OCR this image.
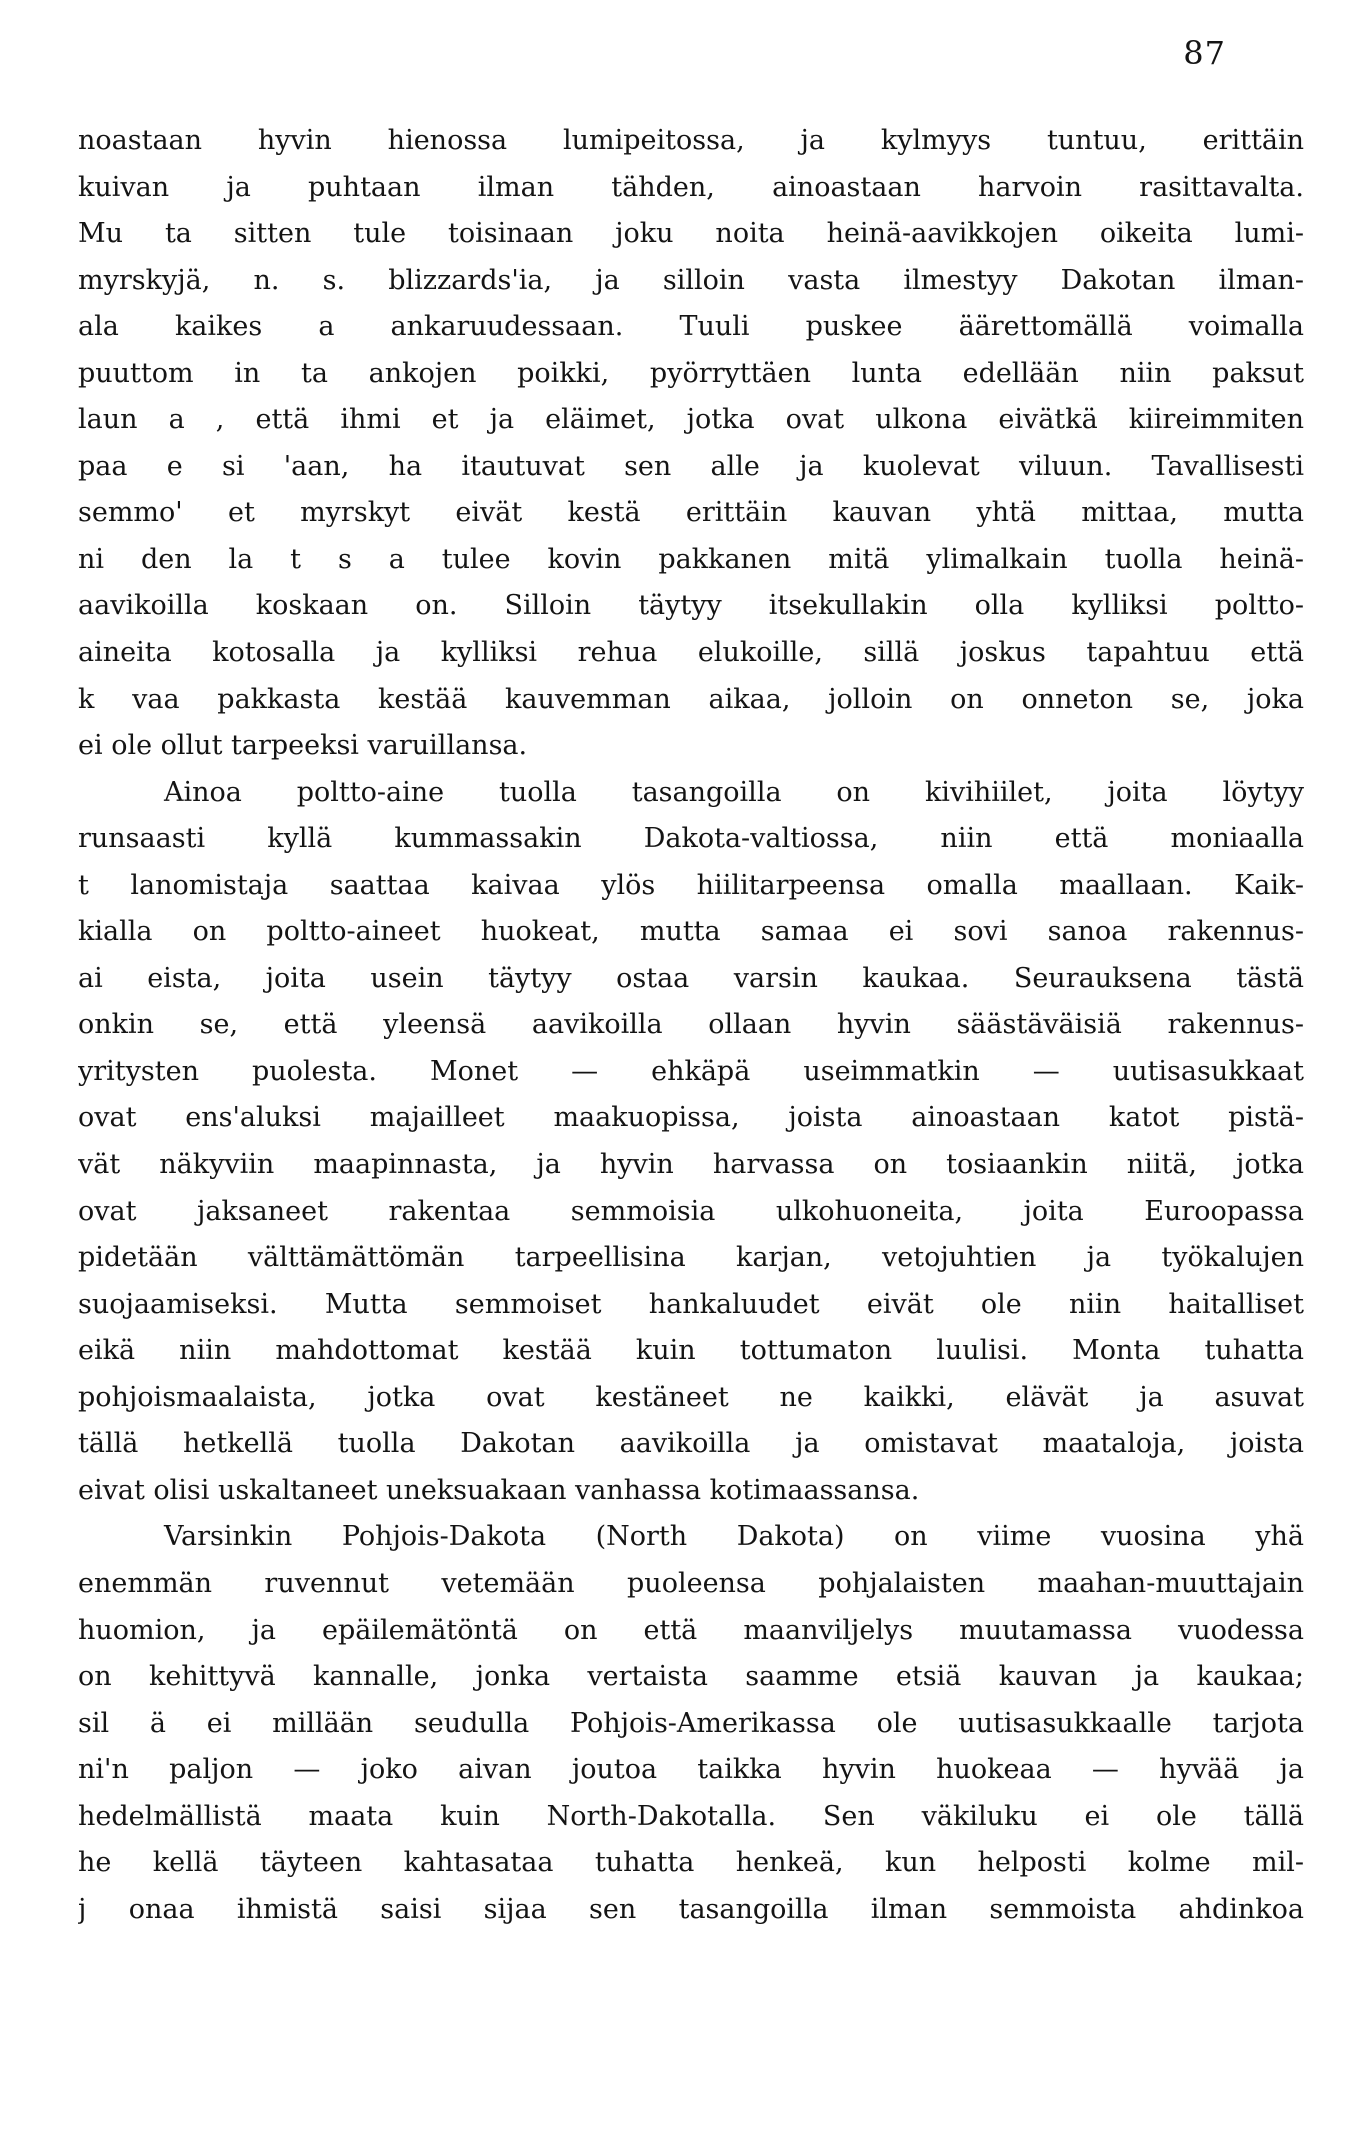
87
noastaan hyvin hienossa lumipeitossa, ja kylmyys tuntuu, erittäin
kuivan ja puhtaan ilman tähden, ainoastaan harvoin rasittavalta.
Mu ta sitten tule toisinaan joku noita heinä-aavikkojen oikeita lumi-
myrskyjä, n. s. blizzards'ia, ja silloin vasta ilmestyy Dakotan ilman-
ala kaikes a ankaruudessaan. Tuuli puskee äärettomällä voimalla
puuttom in ta ankojen poikki, pyörryttäen lunta edellään niin paksut
laun a , että ihmi et ja eläimet, jotka ovat ulkona eivätkä kiireimmiten
paa e si 'aan, ha itautuvat sen alle ja kuolevat viluun. Tavallisesti
semmo' et myrskyt eivät kestä erittäin kauvan yhtä mittaa, mutta
ni den la t s a tulee kovin pakkanen mitä ylimalkain tuolla heinä-
aavikoilla koskaan on. Silloin täytyy itsekullakin olla kylliksi poltto-
aineita kotosalla ja kylliksi rehua elukoille, sillä joskus tapahtuu että
k vaa pakkasta kestää kauvemman aikaa, jolloin on onneton se, joka
ei ole ollut tarpeeksi varuillansa.
Ainoa poltto-aine tuolla tasangoilla on kivihiilet, joita löytyy
runsaasti kyllä kummassakin Dakota-valtiossa, niin että moniaalla
t lanomistaja saattaa kaivaa ylös hiilitarpeensa omalla maallaan. Kaik-
kialla on poltto-aineet huokeat, mutta samaa ei sovi sanoa rakennus-
ai eista, joita usein täytyy ostaa varsin kaukaa. Seurauksena tästä
onkin se, että yleensä aavikoilla ollaan hyvin säästäväisiä rakennus-
yritysten puolesta. Monet — ehkäpä useimmatkin — uutisasukkaat
ovat ens'aluksi majailleet maakuopissa, joista ainoastaan katot pistä-
vät näkyviin maapinnasta, ja hyvin harvassa on tosiaankin niitä, jotka
ovat jaksaneet rakentaa semmoisia ulkohuoneita, joita Euroopassa
pidetään välttämättömän tarpeellisina karjan, vetojuhtien ja työkalujen
suojaamiseksi. Mutta semmoiset hankaluudet eivät ole niin haitalliset
eikä niin mahdottomat kestää kuin tottumaton luulisi. Monta tuhatta
pohjoismaalaista, jotka ovat kestäneet ne kaikki, elävät ja asuvat
tällä hetkellä tuolla Dakotan aavikoilla ja omistavat maataloja, joista
eivat olisi uskaltaneet uneksuakaan vanhassa kotimaassansa.
Varsinkin Pohjois-Dakota (North Dakota) on viime vuosina yhä
enemmän ruvennut vetemään puoleensa pohjalaisten maahan-muuttajain
huomion, ja epäilemätöntä on että maanviljelys muutamassa vuodessa
on kehittyvä kannalle, jonka vertaista saamme etsiä kauvan ja kaukaa;
sil ä ei millään seudulla Pohjois-Amerikassa ole uutisasukkaalle tarjota
ni'n paljon — joko aivan joutoa taikka hyvin huokeaa — hyvää ja
hedelmällistä maata kuin North-Dakotalla. Sen väkiluku ei ole tällä
he kellä täyteen kahtasataa tuhatta henkeä, kun helposti kolme mil-
j onaa ihmistä saisi sijaa sen tasangoilla ilman semmoista ahdinkoa
